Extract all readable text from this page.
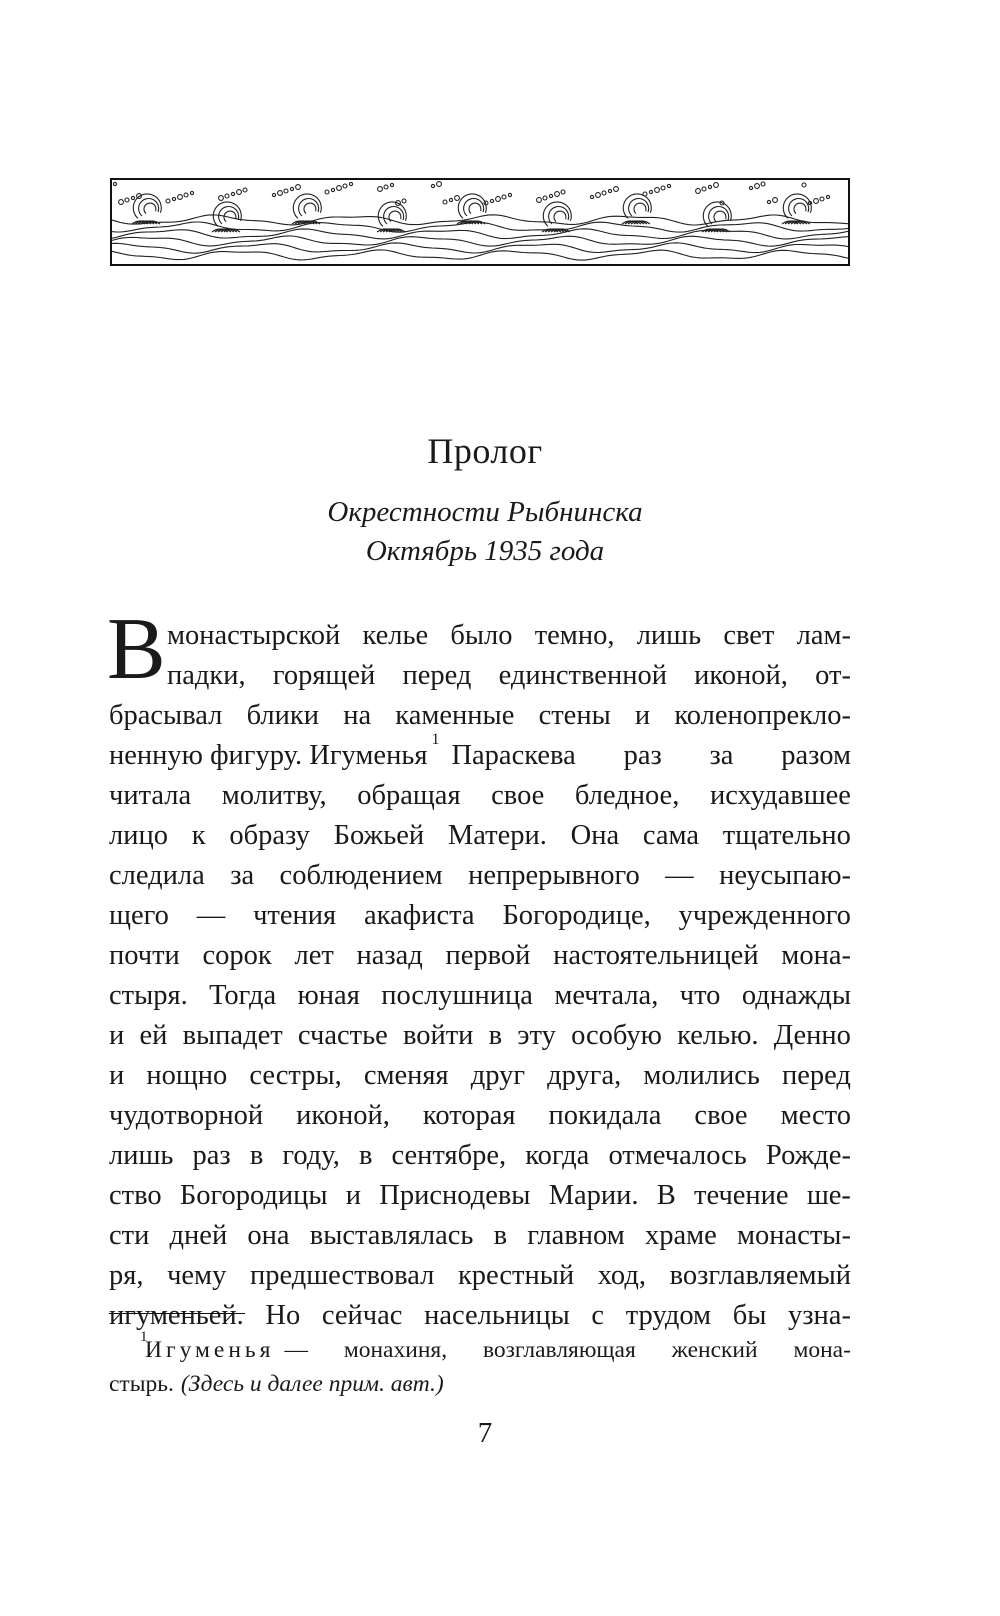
Пролог
Окрестности Рыбнинска
Октябрь 1935 года
В монастырской келье было темно, лишь свет лам-
падки, горящей перед единственной иконой, от-
брасывал блики на каменные стены и коленопрекло-
ненную фигуру. Игуменья
$^1$
Параскева раз за разом
читала молитву, обращая свое бледное, исхудавшее
лицо к образу Божьей Матери. Она сама тщательно
следила за соблюдением непрерывного — неусыпаю-
щего — чтения акафиста Богородице, учрежденного
почти сорок лет назад первой настоятельницей мона-
стыря. Тогда юная послушница мечтала, что однажды
и ей выпадет счастье войти в эту особую келью. Денно
и нощно сестры, сменяя друг друга, молились перед
чудотворной иконой, которая покидала свое место
лишь раз в году, в сентябре, когда отмечалось Рожде-
ство Богородицы и Приснодевы Марии. В течение ше-
сти дней она выставлялась в главном храме монасты-
ря, чему предшествовал крестный ход, возглавляемый
игуменьей. Но сейчас насельницы с трудом бы узна-
1
Игуменья — монахиня, возглавляющая женский мона-
стырь. (Здесь и далее прим. авт.)
7
